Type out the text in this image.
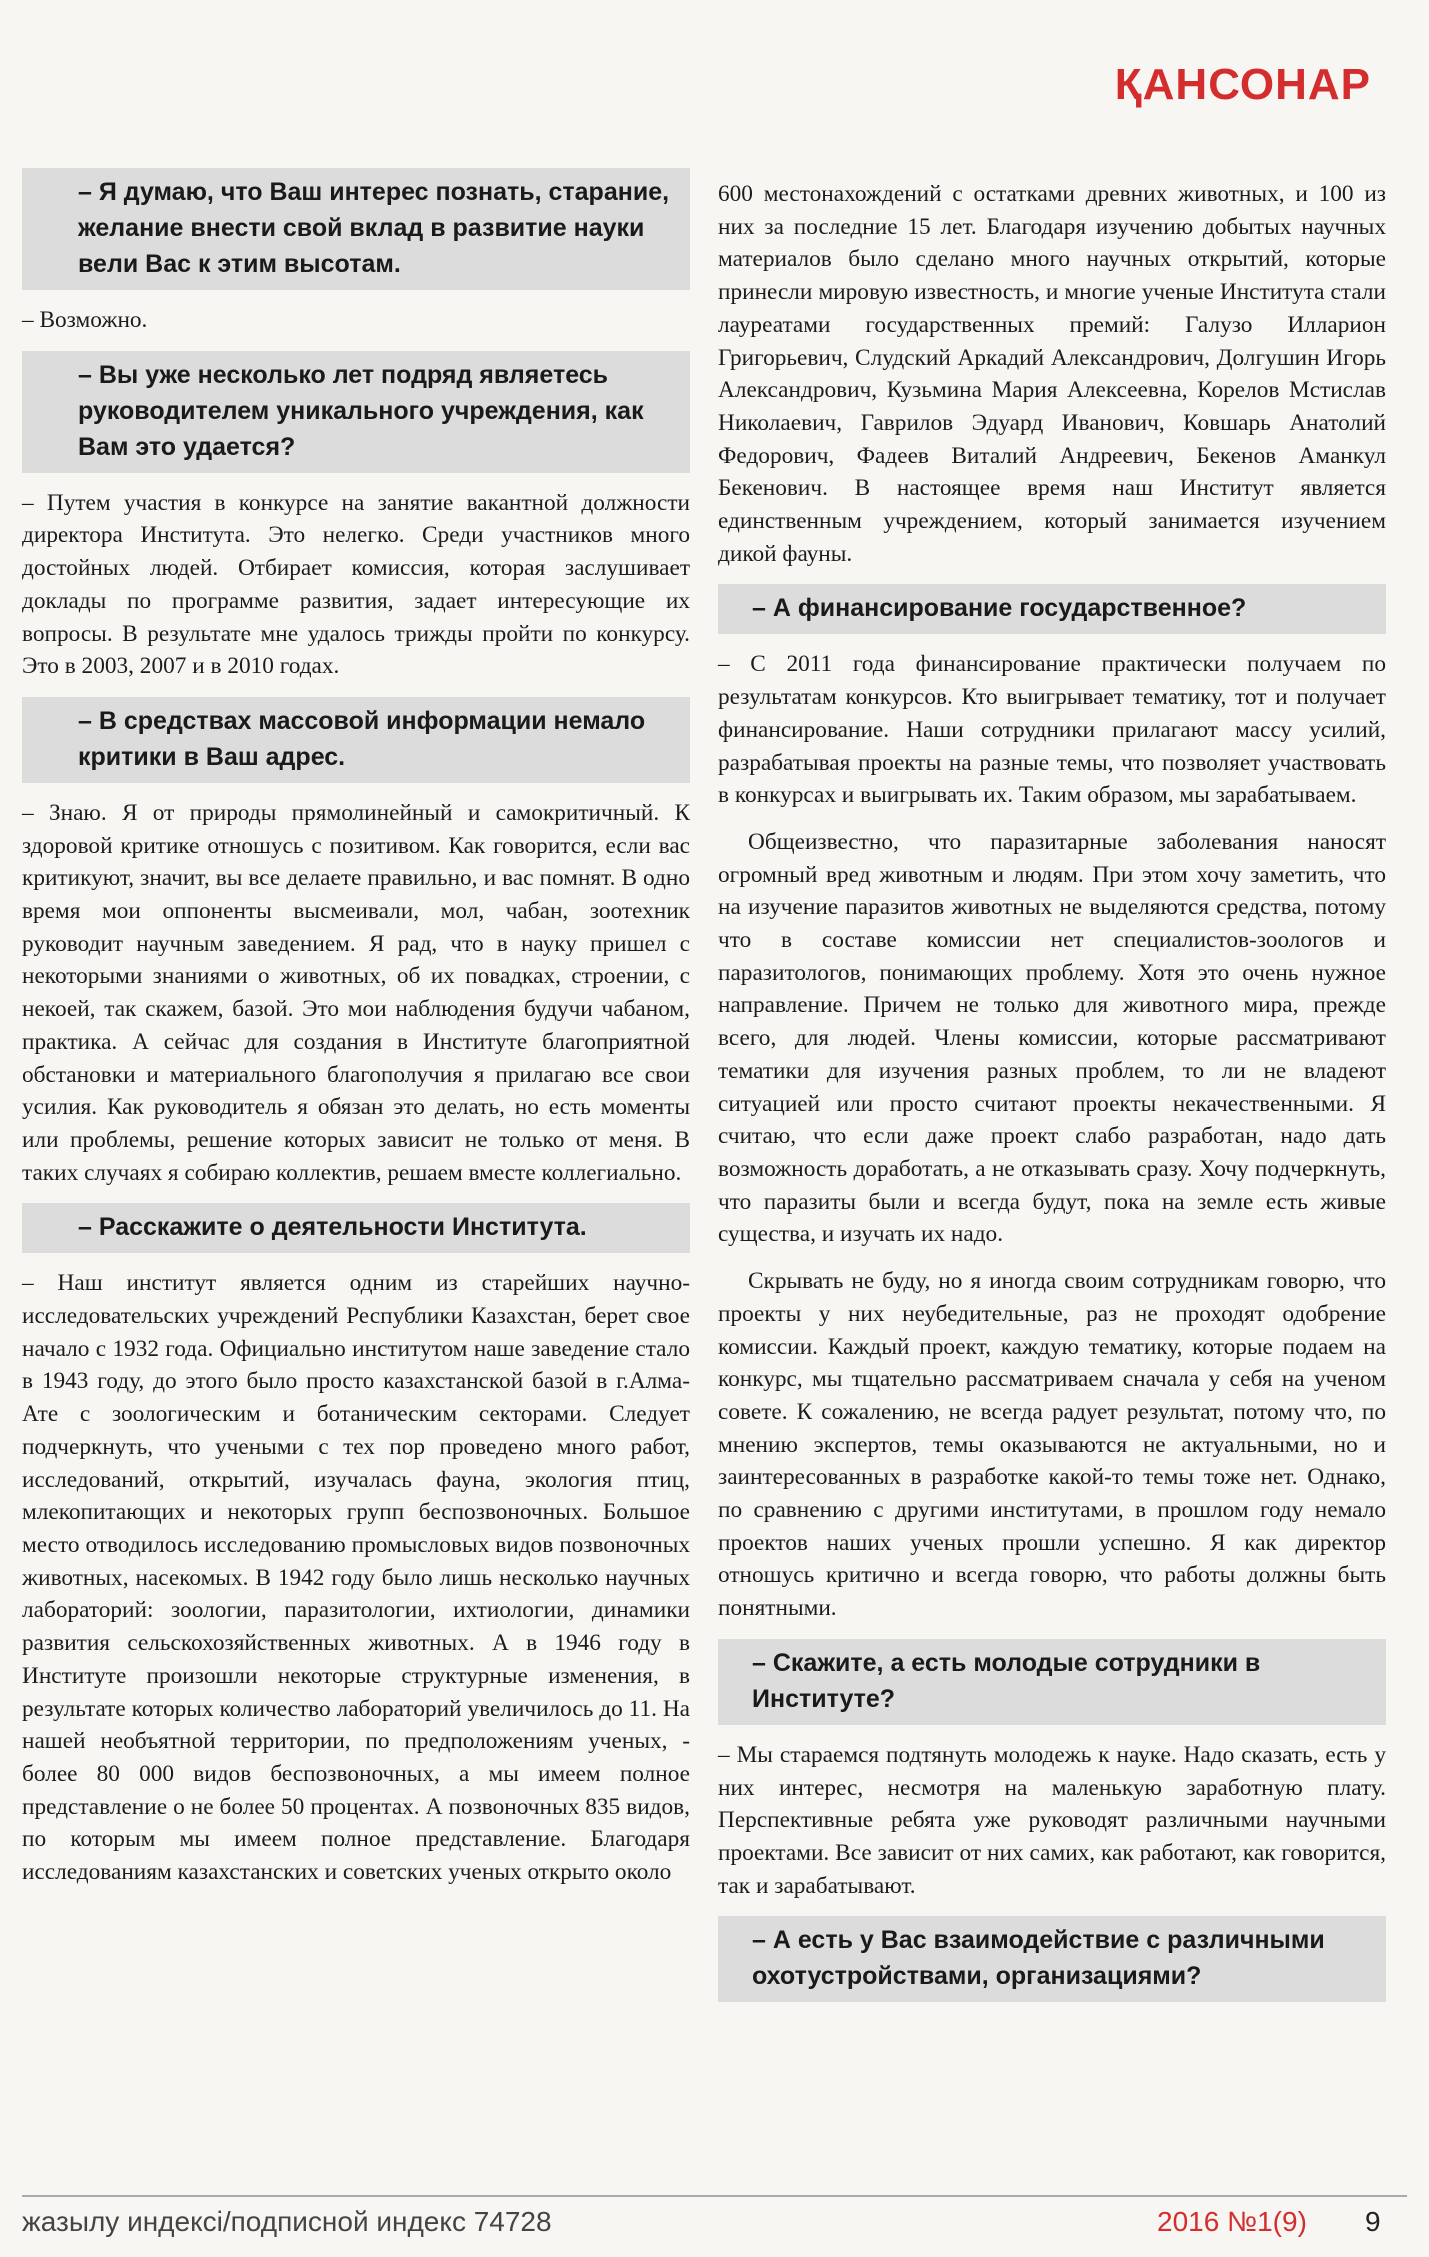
ҚАНСОНАР
– Я думаю, что Ваш интерес познать, старание, желание внести свой вклад в развитие науки вели Вас к этим высотам.
– Возможно.
– Вы уже несколько лет подряд являетесь руководителем уникального учреждения, как Вам это удается?
– Путем участия в конкурсе на занятие вакантной должности директора Института. Это нелегко. Среди участников много достойных людей. Отбирает комиссия, которая заслушивает доклады по программе развития, задает интересующие их вопросы. В результате мне удалось трижды пройти по конкурсу. Это в 2003, 2007 и в 2010 годах.
– В средствах массовой информации немало критики в Ваш адрес.
– Знаю. Я от природы прямолинейный и самокритичный. К здоровой критике отношусь с позитивом. Как говорится, если вас критикуют, значит, вы все делаете правильно, и вас помнят. В одно время мои оппоненты высмеивали, мол, чабан, зоотехник руководит научным заведением. Я рад, что в науку пришел с некоторыми знаниями о животных, об их повадках, строении, с некоей, так скажем, базой. Это мои наблюдения будучи чабаном, практика. А сейчас для создания в Институте благоприятной обстановки и материального благополучия я прилагаю все свои усилия. Как руководитель я обязан это делать, но есть моменты или проблемы, решение которых зависит не только от меня. В таких случаях я собираю коллектив, решаем вместе коллегиально.
– Расскажите о деятельности Института.
– Наш институт является одним из старейших научно-исследовательских учреждений Республики Казахстан, берет свое начало с 1932 года. Официально институтом наше заведение стало в 1943 году, до этого было просто казахстанской базой в г.Алма-Ате с зоологическим и ботаническим секторами. Следует подчеркнуть, что учеными с тех пор проведено много работ, исследований, открытий, изучалась фауна, экология птиц, млекопитающих и некоторых групп беспозвоночных. Большое место отводилось исследованию промысловых видов позвоночных животных, насекомых. В 1942 году было лишь несколько научных лабораторий: зоологии, паразитологии, ихтиологии, динамики развития сельскохозяйственных животных. А в 1946 году в Институте произошли некоторые структурные изменения, в результате которых количество лабораторий увеличилось до 11. На нашей необъятной территории, по предположениям ученых, - более 80 000 видов беспозвоночных, а мы имеем полное представление о не более 50 процентах. А позвоночных 835 видов, по которым мы имеем полное представление. Благодаря исследованиям казахстанских и советских ученых открыто около
600 местонахождений с остатками древних животных, и 100 из них за последние 15 лет. Благодаря изучению добытых научных материалов было сделано много научных открытий, которые принесли мировую известность, и многие ученые Института стали лауреатами государственных премий: Галузо Илларион Григорьевич, Слудский Аркадий Александрович, Долгушин Игорь Александрович, Кузьмина Мария Алексеевна, Корелов Мстислав Николаевич, Гаврилов Эдуард Иванович, Ковшарь Анатолий Федорович, Фадеев Виталий Андреевич, Бекенов Аманкул Бекенович. В настоящее время наш Институт является единственным учреждением, который занимается изучением дикой фауны.
– А финансирование государственное?
– С 2011 года финансирование практически получаем по результатам конкурсов. Кто выигрывает тематику, тот и получает финансирование. Наши сотрудники прилагают массу усилий, разрабатывая проекты на разные темы, что позволяет участвовать в конкурсах и выигрывать их. Таким образом, мы зарабатываем.
Общеизвестно, что паразитарные заболевания наносят огромный вред животным и людям. При этом хочу заметить, что на изучение паразитов животных не выделяются средства, потому что в составе комиссии нет специалистов-зоологов и паразитологов, понимающих проблему. Хотя это очень нужное направление. Причем не только для животного мира, прежде всего, для людей. Члены комиссии, которые рассматривают тематики для изучения разных проблем, то ли не владеют ситуацией или просто считают проекты некачественными. Я считаю, что если даже проект слабо разработан, надо дать возможность доработать, а не отказывать сразу. Хочу подчеркнуть, что паразиты были и всегда будут, пока на земле есть живые существа, и изучать их надо.
Скрывать не буду, но я иногда своим сотрудникам говорю, что проекты у них неубедительные, раз не проходят одобрение комиссии. Каждый проект, каждую тематику, которые подаем на конкурс, мы тщательно рассматриваем сначала у себя на ученом совете. К сожалению, не всегда радует результат, потому что, по мнению экспертов, темы оказываются не актуальными, но и заинтересованных в разработке какой-то темы тоже нет. Однако, по сравнению с другими институтами, в прошлом году немало проектов наших ученых прошли успешно. Я как директор отношусь критично и всегда говорю, что работы должны быть понятными.
– Скажите, а есть молодые сотрудники в Институте?
– Мы стараемся подтянуть молодежь к науке. Надо сказать, есть у них интерес, несмотря на маленькую заработную плату. Перспективные ребята уже руководят различными научными проектами. Все зависит от них самих, как работают, как говорится, так и зарабатывают.
– А есть у Вас взаимодействие с различными охотустройствами, организациями?
жазылу индексі/подписной индекс 74728	2016 №1(9) 9
